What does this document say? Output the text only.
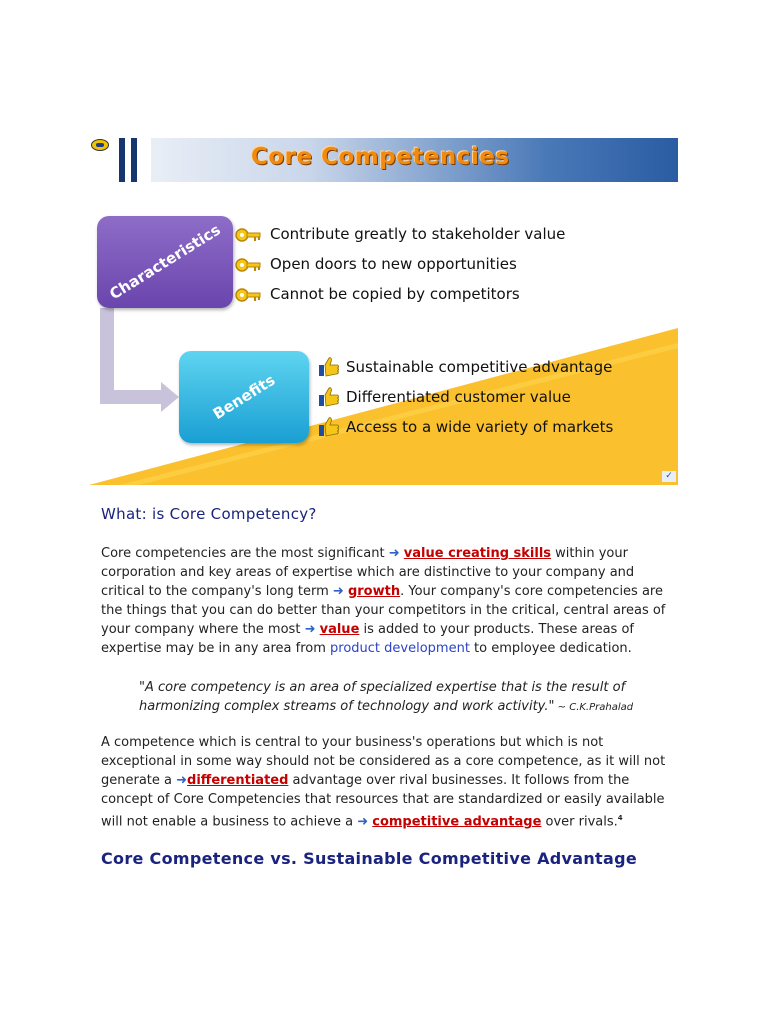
Core Competencies
Characteristics
Benefits
Contribute greatly to stakeholder value
Open doors to new opportunities
Cannot be copied by competitors
Sustainable competitive advantage
Differentiated customer value
Access to a wide variety of markets
✓
What: is Core Competency?

Core competencies are the most significant ➜ value creating skills within your corporation and key areas of expertise which are distinctive to your company and critical to the company's long term ➜ growth. Your company's core competencies are the things that you can do better than your competitors in the critical, central areas of your company where the most ➜ value is added to your products. These areas of expertise may be in any area from product development to employee dedication.

"A core competency is an area of specialized expertise that is the result of harmonizing complex streams of technology and work activity." ~ C.K.Prahalad

A competence which is central to your business's operations but which is not exceptional in some way should not be considered as a core competence, as it will not generate a ➜differentiated advantage over rival businesses. It follows from the concept of Core Competencies that resources that are standardized or easily available will not enable a business to achieve a ➜ competitive advantage over rivals.$^4$

Core Competence vs. Sustainable Competitive Advantage
